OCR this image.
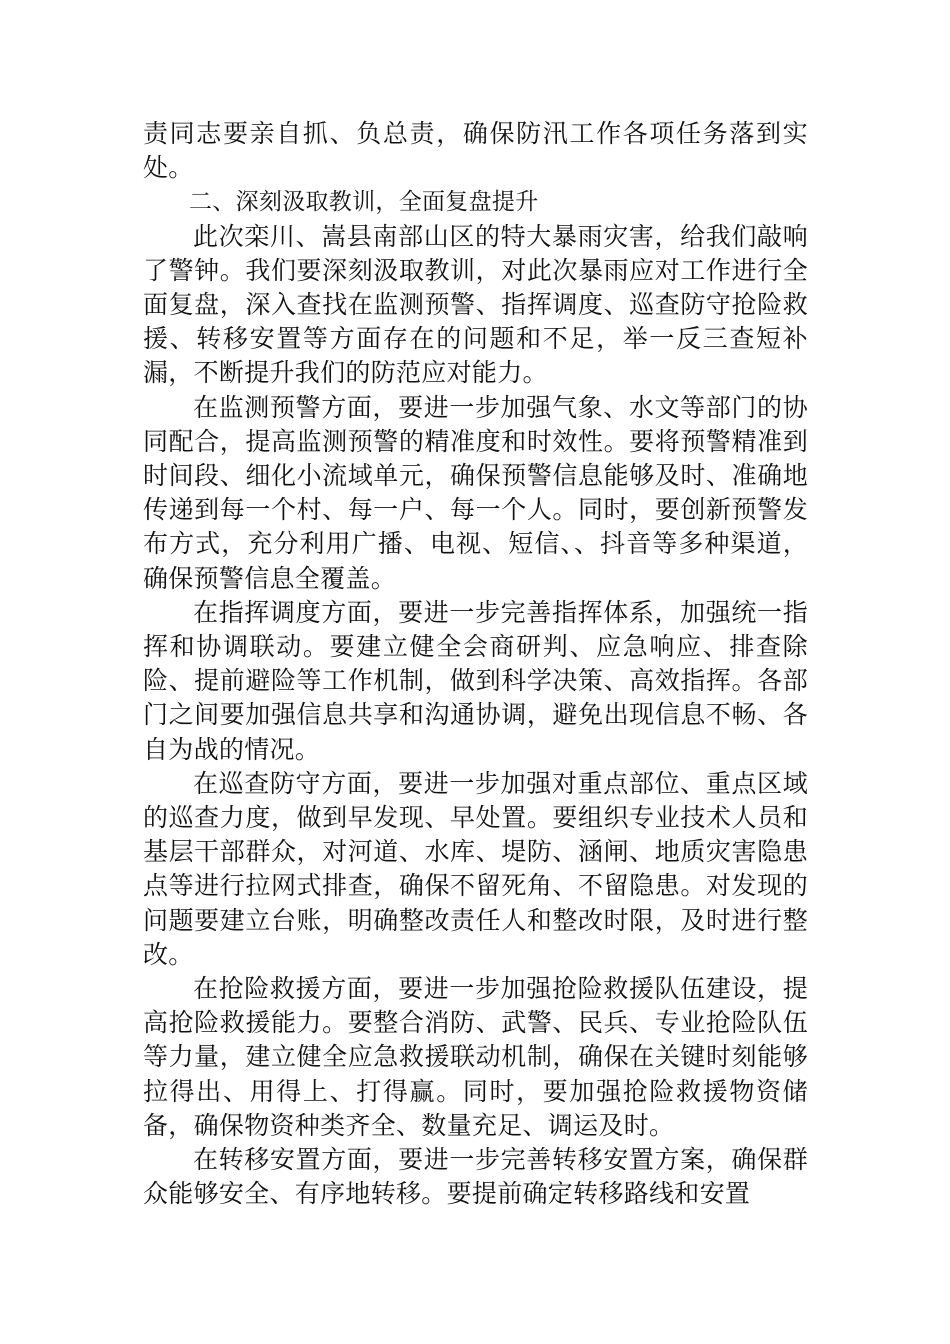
责同志要亲自抓、负总责，确保防汛工作各项任务落到实处。

二、深刻汲取教训，全面复盘提升

此次栾川、嵩县南部山区的特大暴雨灾害，给我们敲响了警钟。我们要深刻汲取教训，对此次暴雨应对工作进行全面复盘，深入查找在监测预警、指挥调度、巡查防守抢险救援、转移安置等方面存在的问题和不足，举一反三查短补漏，不断提升我们的防范应对能力。

在监测预警方面，要进一步加强气象、水文等部门的协同配合，提高监测预警的精准度和时效性。要将预警精准到时间段、细化小流域单元，确保预警信息能够及时、准确地传递到每一个村、每一户、每一个人。同时，要创新预警发布方式，充分利用广播、电视、短信、、抖音等多种渠道，确保预警信息全覆盖。

在指挥调度方面，要进一步完善指挥体系，加强统一指挥和协调联动。要建立健全会商研判、应急响应、排查除险、提前避险等工作机制，做到科学决策、高效指挥。各部门之间要加强信息共享和沟通协调，避免出现信息不畅、各自为战的情况。

在巡查防守方面，要进一步加强对重点部位、重点区域的巡查力度，做到早发现、早处置。要组织专业技术人员和基层干部群众，对河道、水库、堤防、涵闸、地质灾害隐患点等进行拉网式排查，确保不留死角、不留隐患。对发现的问题要建立台账，明确整改责任人和整改时限，及时进行整改。

在抢险救援方面，要进一步加强抢险救援队伍建设，提高抢险救援能力。要整合消防、武警、民兵、专业抢险队伍等力量，建立健全应急救援联动机制，确保在关键时刻能够拉得出、用得上、打得赢。同时，要加强抢险救援物资储备，确保物资种类齐全、数量充足、调运及时。

在转移安置方面，要进一步完善转移安置方案，确保群众能够安全、有序地转移。要提前确定转移路线和安置
